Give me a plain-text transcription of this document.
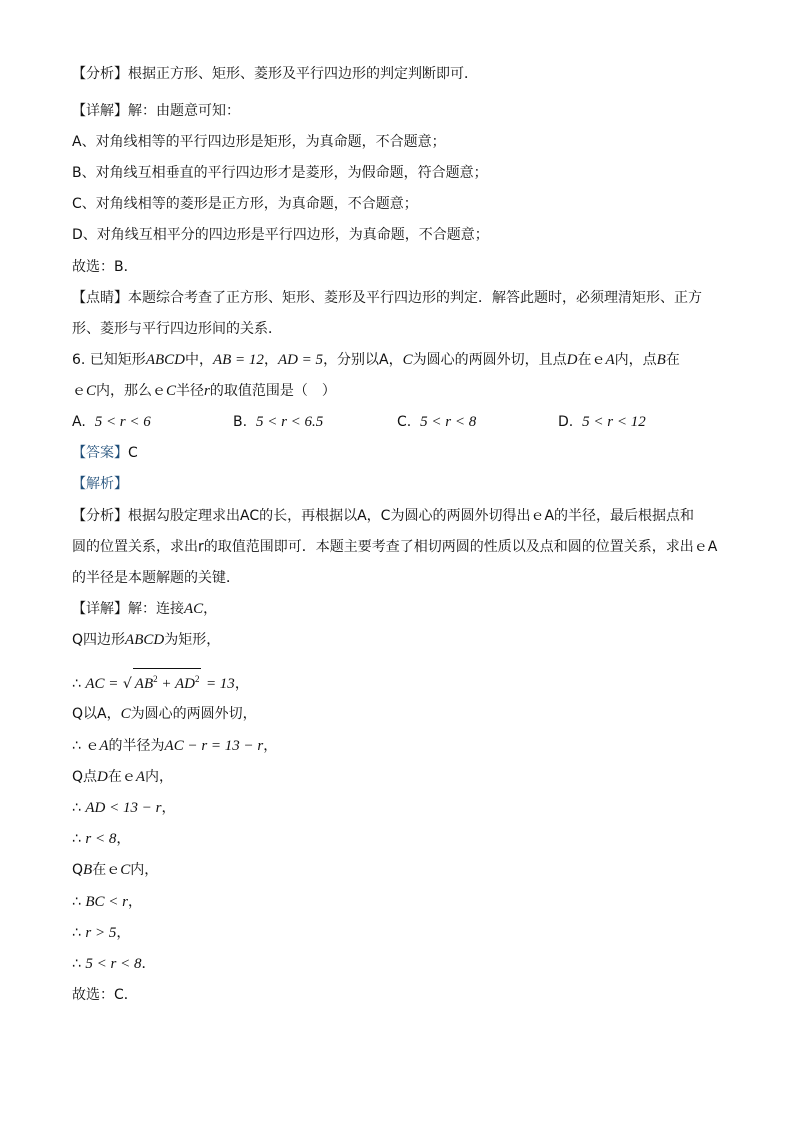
【分析】根据正方形、矩形、菱形及平行四边形的判定判断即可．
【详解】解：由题意可知：
A、对角线相等的平行四边形是矩形，为真命题，不合题意；
B、对角线互相垂直的平行四边形才是菱形，为假命题，符合题意；
C、对角线相等的菱形是正方形，为真命题，不合题意；
D、对角线互相平分的四边形是平行四边形，为真命题，不合题意；
故选：B．
【点睛】本题综合考查了正方形、矩形、菱形及平行四边形的判定．解答此题时，必须理清矩形、正方
形、菱形与平行四边形间的关系．
6. 已知矩形ABCD中，AB = 12，AD = 5，分别以A，C为圆心的两圆外切，且点D在ｅA内，点B在
ｅC内，那么ｅC半径r的取值范围是（　）
A. 5 < r < 6	B. 5 < r < 6.5	C. 5 < r < 8	D. 5 < r < 12
【答案】C
【解析】
【分析】根据勾股定理求出AC的长，再根据以A，C为圆心的两圆外切得出ｅA的半径，最后根据点和
圆的位置关系，求出r的取值范围即可．本题主要考查了相切两圆的性质以及点和圆的位置关系，求出ｅA
的半径是本题解题的关键．
【详解】解：连接AC，
Q四边形ABCD为矩形，
∴ AC = √ $AB^2 + AD^2 = 13$，
Q以A，C为圆心的两圆外切，
∴ ｅA的半径为AC − r = 13 − r，
Q点D在ｅA内，
∴ AD < 13 − r，
∴ r < 8，
QB在ｅC内，
∴ BC < r，
∴ r > 5，
∴ 5 < r < 8．
故选：C．
